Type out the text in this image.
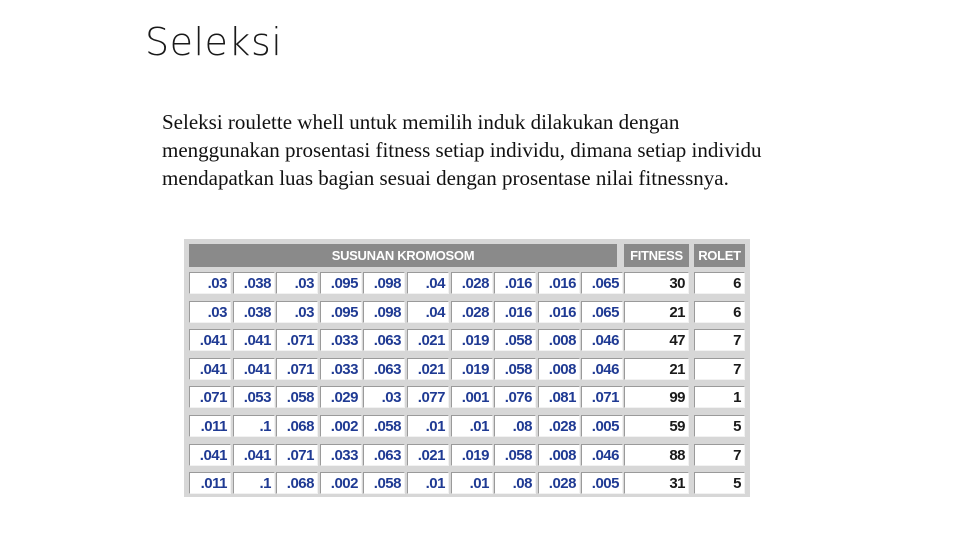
Seleksi

Seleksi roulette whell untuk memilih induk dilakukan dengan menggunakan prosentasi fitness setiap individu, dimana setiap individu mendapatkan luas bagian sesuai dengan prosentase nilai fitnessnya.

SUSUNAN KROMOSOM	FITNESS	ROLET
.03	.038	.03	.095	.098	.04	.028	.016	.016	.065	30	6
.03	.038	.03	.095	.098	.04	.028	.016	.016	.065	21	6
.041	.041	.071	.033	.063	.021	.019	.058	.008	.046	47	7
.041	.041	.071	.033	.063	.021	.019	.058	.008	.046	21	7
.071	.053	.058	.029	.03	.077	.001	.076	.081	.071	99	1
.011	.1	.068	.002	.058	.01	.01	.08	.028	.005	59	5
.041	.041	.071	.033	.063	.021	.019	.058	.008	.046	88	7
.011	.1	.068	.002	.058	.01	.01	.08	.028	.005	31	5
